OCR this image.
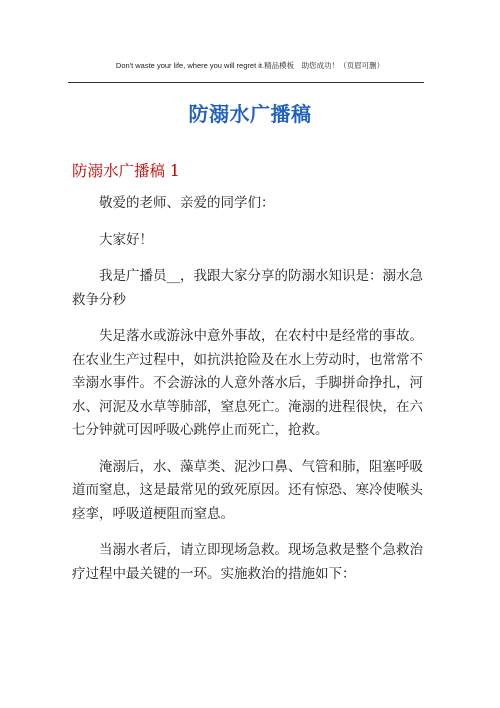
Don't waste your life, where you will regret it.精品模板　助您成功！（页眉可删）
防溺水广播稿
防溺水广播稿 1

敬爱的老师、亲爱的同学们：

大家好！

我是广播员__，我跟大家分享的防溺水知识是：溺水急救争分秒

失足落水或游泳中意外事故，在农村中是经常的事故。在农业生产过程中，如抗洪抢险及在水上劳动时，也常常不幸溺水事件。不会游泳的人意外落水后，手脚拼命挣扎，河水、河泥及水草等肺部，窒息死亡。淹溺的进程很快，在六七分钟就可因呼吸心跳停止而死亡，抢救。

淹溺后，水、藻草类、泥沙口鼻、气管和肺，阻塞呼吸道而窒息，这是最常见的致死原因。还有惊恐、寒冷使喉头痉挛，呼吸道梗阻而窒息。

当溺水者后，请立即现场急救。现场急救是整个急救治疗过程中最关键的一环。实施救治的措施如下：
